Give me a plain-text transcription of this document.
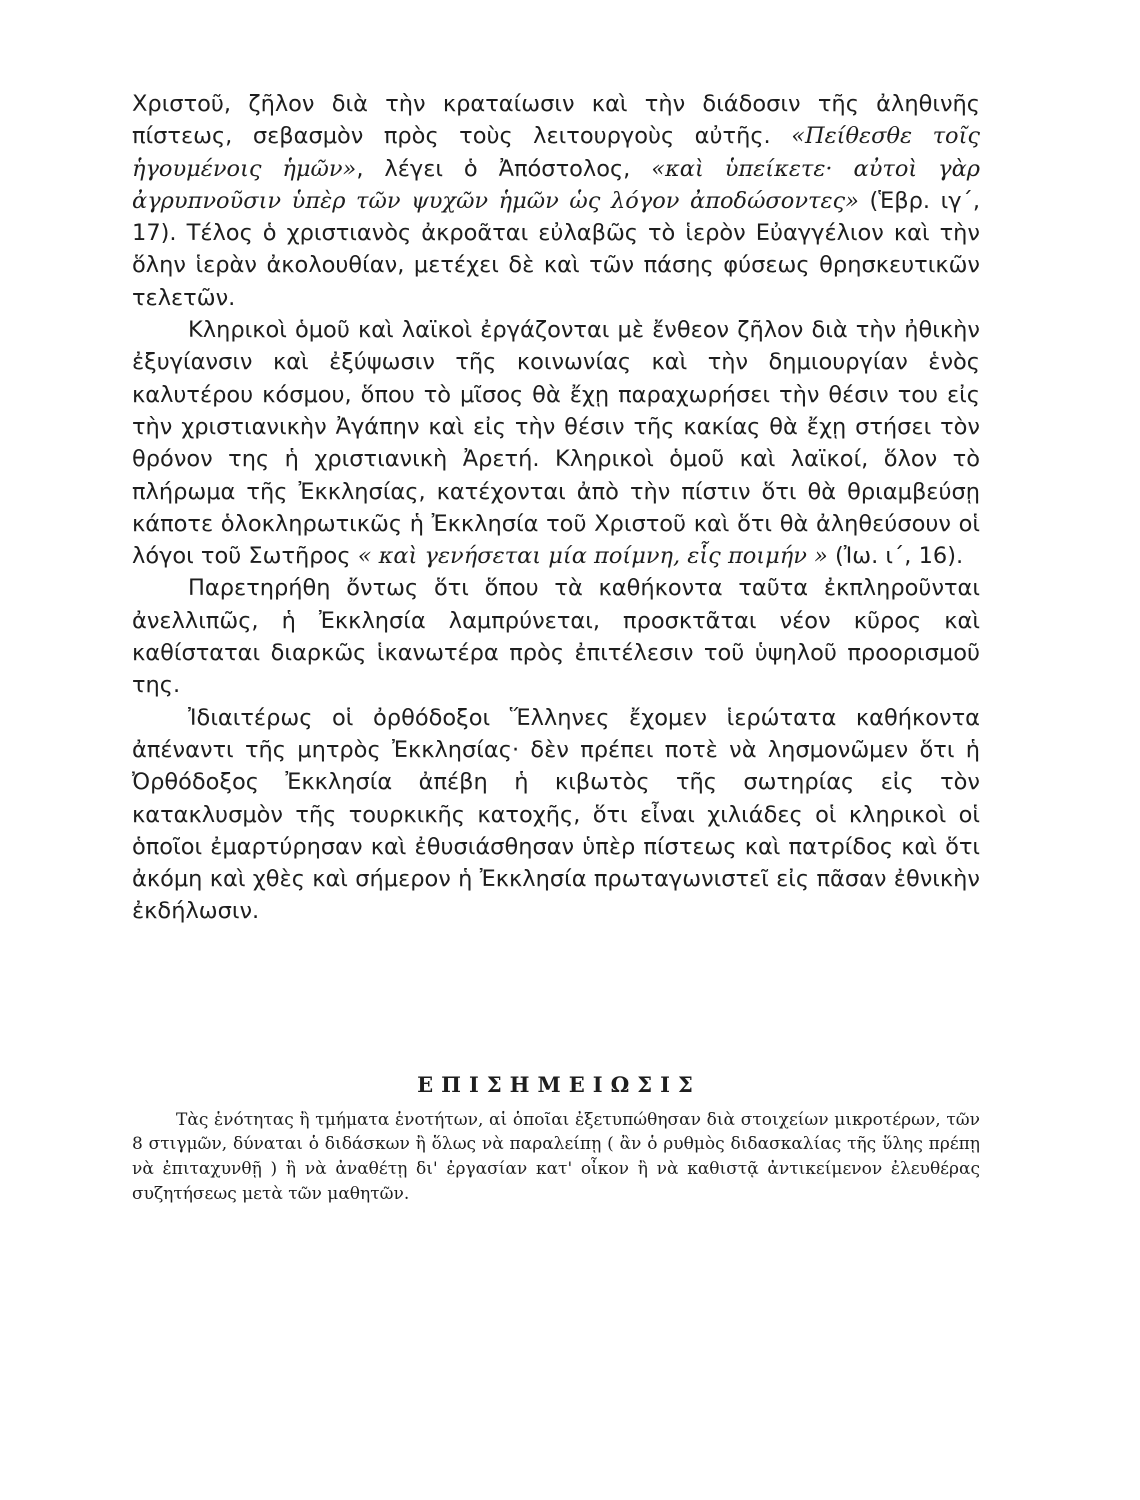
Χριστοῦ, ζῆλον διὰ τὴν κραταίωσιν καὶ τὴν διάδοσιν τῆς ἀληθινῆς πίστεως, σεβασμὸν πρὸς τοὺς λειτουργοὺς αὐτῆς. «Πείθεσθε τοῖς ἡγουμένοις ἡμῶν», λέγει ὁ Ἀπόστολος, «καὶ ὑπείκετε· αὐτοὶ γὰρ ἀγρυπνοῦσιν ὑπὲρ τῶν ψυχῶν ἡμῶν ὡς λόγον ἀποδώσοντες» (Ἑβρ. ιγ΄, 17). Τέλος ὁ χριστιανὸς ἀκροᾶται εὐλαβῶς τὸ ἱερὸν Εὐαγγέλιον καὶ τὴν ὅλην ἱερὰν ἀκολουθίαν, μετέχει δὲ καὶ τῶν πάσης φύσεως θρησκευτικῶν τελετῶν.

Κληρικοὶ ὁμοῦ καὶ λαϊκοὶ ἐργάζονται μὲ ἔνθεον ζῆλον διὰ τὴν ἠθικὴν ἐξυγίανσιν καὶ ἐξύψωσιν τῆς κοινωνίας καὶ τὴν δημιουργίαν ἑνὸς καλυτέρου κόσμου, ὅπου τὸ μῖσος θὰ ἔχῃ παραχωρήσει τὴν θέσιν του εἰς τὴν χριστιανικὴν Ἀγάπην καὶ εἰς τὴν θέσιν τῆς κακίας θὰ ἔχῃ στήσει τὸν θρόνον της ἡ χριστιανικὴ Ἀρετή. Κληρικοὶ ὁμοῦ καὶ λαϊκοί, ὅλον τὸ πλήρωμα τῆς Ἐκκλησίας, κατέχονται ἀπὸ τὴν πίστιν ὅτι θὰ θριαμβεύσῃ κάποτε ὁλοκληρωτικῶς ἡ Ἐκκλησία τοῦ Χριστοῦ καὶ ὅτι θὰ ἀληθεύσουν οἱ λόγοι τοῦ Σωτῆρος « καὶ γενήσεται μία ποίμνη, εἷς ποιμήν » (Ἰω. ι΄, 16).

Παρετηρήθη ὄντως ὅτι ὅπου τὰ καθήκοντα ταῦτα ἐκπληροῦνται ἀνελλιπῶς, ἡ Ἐκκλησία λαμπρύνεται, προσκτᾶται νέον κῦρος καὶ καθίσταται διαρκῶς ἱκανωτέρα πρὸς ἐπιτέλεσιν τοῦ ὑψηλοῦ προορισμοῦ της.

Ἰδιαιτέρως οἱ ὀρθόδοξοι Ἕλληνες ἔχομεν ἱερώτατα καθήκοντα ἀπέναντι τῆς μητρὸς Ἐκκλησίας· δὲν πρέπει ποτὲ νὰ λησμονῶμεν ὅτι ἡ Ὀρθόδοξος Ἐκκλησία ἀπέβη ἡ κιβωτὸς τῆς σωτηρίας εἰς τὸν κατακλυσμὸν τῆς τουρκικῆς κατοχῆς, ὅτι εἶναι χιλιάδες οἱ κληρικοὶ οἱ ὁποῖοι ἐμαρτύρησαν καὶ ἐθυσιάσθησαν ὑπὲρ πίστεως καὶ πατρίδος καὶ ὅτι ἀκόμη καὶ χθὲς καὶ σήμερον ἡ Ἐκκλησία πρωταγωνιστεῖ εἰς πᾶσαν ἐθνικὴν ἐκδήλωσιν.

ΕΠΙΣΗΜΕΙΩΣΙΣ

Τὰς ἑνότητας ἢ τμήματα ἑνοτήτων, αἱ ὁποῖαι ἐξετυπώθησαν διὰ στοιχείων μικροτέρων, τῶν 8 στιγμῶν, δύναται ὁ διδάσκων ἢ ὅλως νὰ παραλείπῃ ( ἂν ὁ ρυθμὸς διδασκαλίας τῆς ὕλης πρέπῃ νὰ ἐπιταχυνθῇ ) ἢ νὰ ἀναθέτῃ δι' ἐργασίαν κατ' οἶκον ἢ νὰ καθιστᾷ ἀντικείμενον ἐλευθέρας συζητήσεως μετὰ τῶν μαθητῶν.
